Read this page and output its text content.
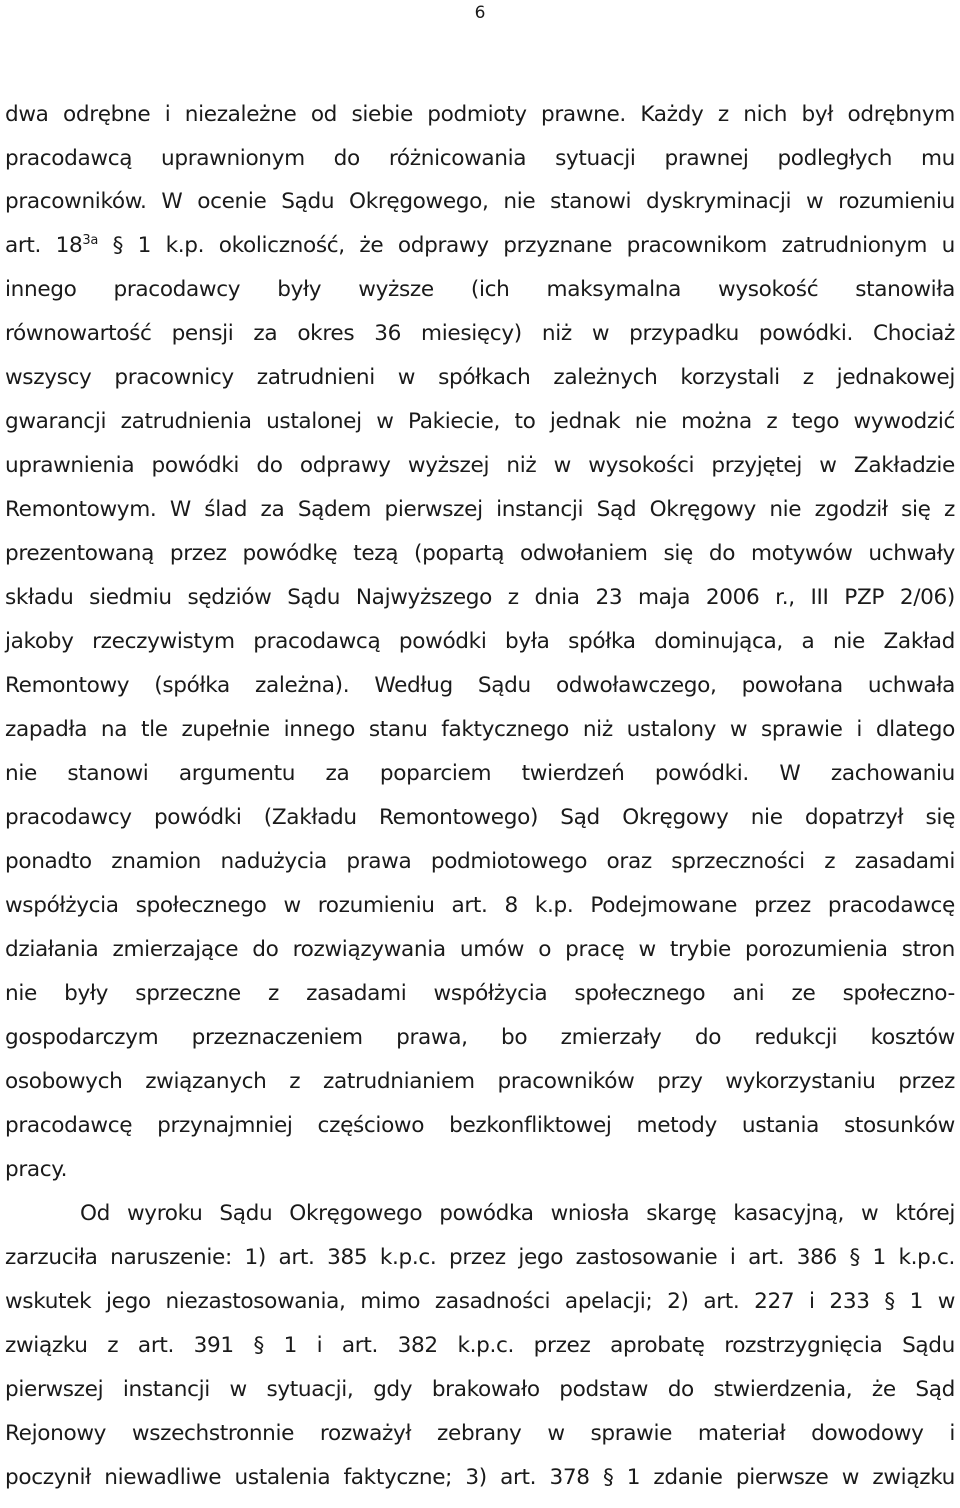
6
dwa odrębne i niezależne od siebie podmioty prawne. Każdy z nich był odrębnym
pracodawcą uprawnionym do różnicowania sytuacji prawnej podległych mu
pracowników. W ocenie Sądu Okręgowego, nie stanowi dyskryminacji w rozumieniu
art. $18^{3a}$ § 1 k.p. okoliczność, że odprawy przyznane pracownikom zatrudnionym u
innego pracodawcy były wyższe (ich maksymalna wysokość stanowiła
równowartość pensji za okres 36 miesięcy) niż w przypadku powódki. Chociaż
wszyscy pracownicy zatrudnieni w spółkach zależnych korzystali z jednakowej
gwarancji zatrudnienia ustalonej w Pakiecie, to jednak nie można z tego wywodzić
uprawnienia powódki do odprawy wyższej niż w wysokości przyjętej w Zakładzie
Remontowym. W ślad za Sądem pierwszej instancji Sąd Okręgowy nie zgodził się z
prezentowaną przez powódkę tezą (popartą odwołaniem się do motywów uchwały
składu siedmiu sędziów Sądu Najwyższego z dnia 23 maja 2006 r., III PZP 2/06)
jakoby rzeczywistym pracodawcą powódki była spółka dominująca, a nie Zakład
Remontowy (spółka zależna). Według Sądu odwoławczego, powołana uchwała
zapadła na tle zupełnie innego stanu faktycznego niż ustalony w sprawie i dlatego
nie stanowi argumentu za poparciem twierdzeń powódki. W zachowaniu
pracodawcy powódki (Zakładu Remontowego) Sąd Okręgowy nie dopatrzył się
ponadto znamion nadużycia prawa podmiotowego oraz sprzeczności z zasadami
współżycia społecznego w rozumieniu art. 8 k.p. Podejmowane przez pracodawcę
działania zmierzające do rozwiązywania umów o pracę w trybie porozumienia stron
nie były sprzeczne z zasadami współżycia społecznego ani ze społeczno-
gospodarczym przeznaczeniem prawa, bo zmierzały do redukcji kosztów
osobowych związanych z zatrudnianiem pracowników przy wykorzystaniu przez
pracodawcę przynajmniej częściowo bezkonfliktowej metody ustania stosunków
pracy.
Od wyroku Sądu Okręgowego powódka wniosła skargę kasacyjną, w której
zarzuciła naruszenie: 1) art. 385 k.p.c. przez jego zastosowanie i art. 386 § 1 k.p.c.
wskutek jego niezastosowania, mimo zasadności apelacji; 2) art. 227 i 233 § 1 w
związku z art. 391 § 1 i art. 382 k.p.c. przez aprobatę rozstrzygnięcia Sądu
pierwszej instancji w sytuacji, gdy brakowało podstaw do stwierdzenia, że Sąd
Rejonowy wszechstronnie rozważył zebrany w sprawie materiał dowodowy i
poczynił niewadliwe ustalenia faktyczne; 3) art. 378 § 1 zdanie pierwsze w związku
